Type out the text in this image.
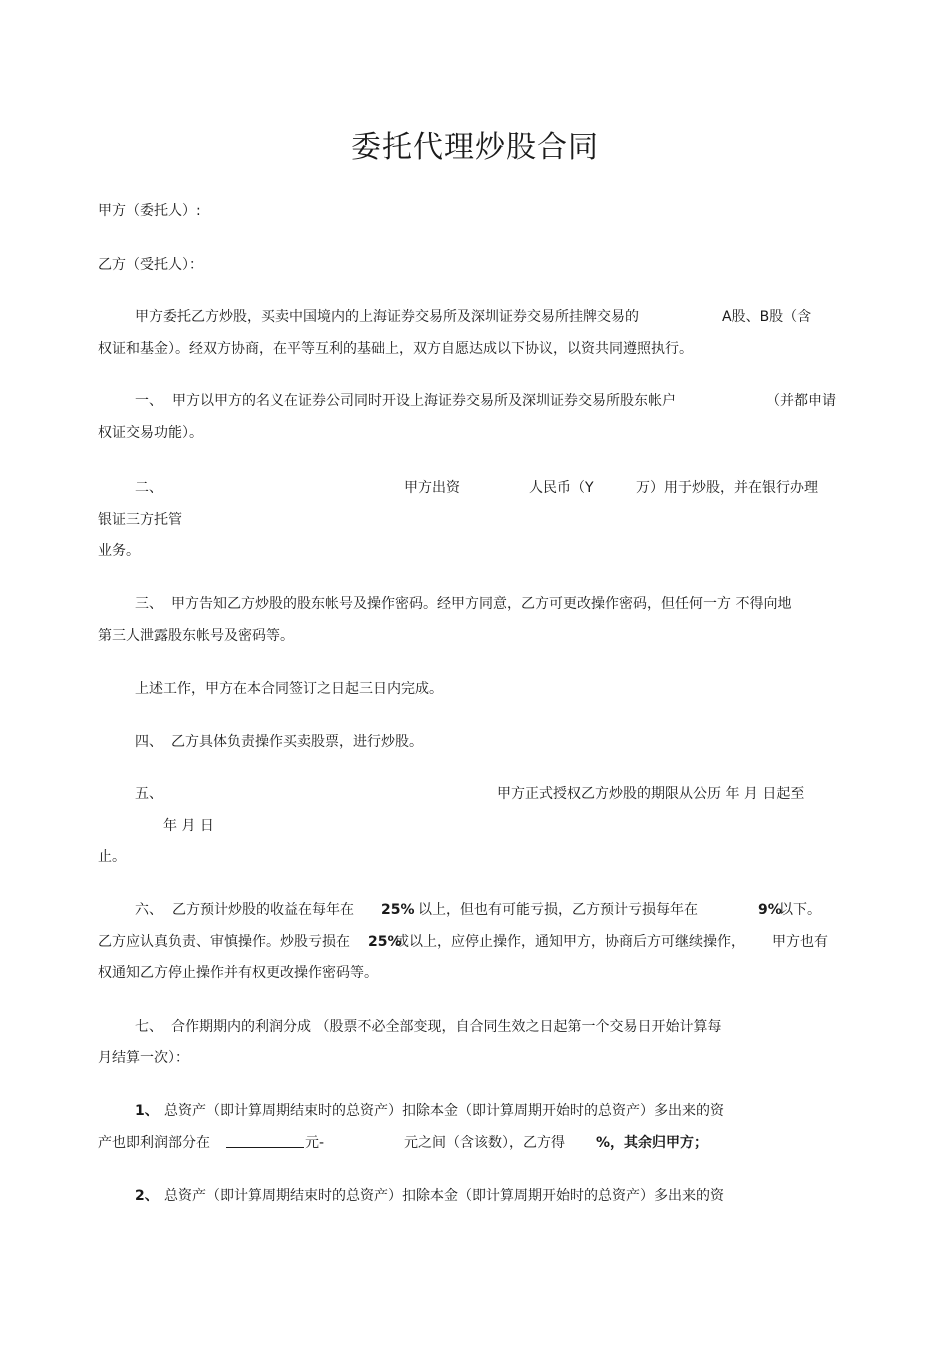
委托代理炒股合同
甲方（委托人）:
乙方（受托人）：
甲方委托乙方炒股，买卖中国境内的上海证券交易所及深圳证券交易所挂牌交易的	A股、B股（含
权证和基金）。经双方协商，在平等互利的基础上，双方自愿达成以下协议，以资共同遵照执行。
一、 甲方以甲方的名义在证券公司同时开设上海证券交易所及深圳证券交易所股东帐户	（并都申请
权证交易功能）。
二、	甲方出资	人民币（Y	万）用于炒股，并在银行办理
银证三方托管
业务。
三、 甲方告知乙方炒股的股东帐号及操作密码。经甲方同意，乙方可更改操作密码，但任何一方 不得向地
第三人泄露股东帐号及密码等。
上述工作，甲方在本合同签订之日起三日内完成。
四、 乙方具体负责操作买卖股票，进行炒股。
五、	甲方正式授权乙方炒股的期限从公历 年 月 日起至
年 月 日
止。
六、 乙方预计炒股的收益在每年在 25% 以上，但也有可能亏损，乙方预计亏损每年在	9%
以下。
乙方应认真负责、审慎操作。炒股亏损在 25%
或以上，应停止操作，通知甲方，协商后方可继续操作， 甲方也有
权通知乙方停止操作并有权更改操作密码等。
七、 合作期期内的利润分成 （股票不必全部变现，自合同生效之日起第一个交易日开始计算每
月结算一次）：
1、 总资产（即计算周期结束时的总资产）扣除本金（即计算周期开始时的总资产）多出来的资
产也即利润部分在	元-	元之间（含该数），乙方得 %，其余归甲方；
2、 总资产（即计算周期结束时的总资产）扣除本金（即计算周期开始时的总资产）多出来的资
